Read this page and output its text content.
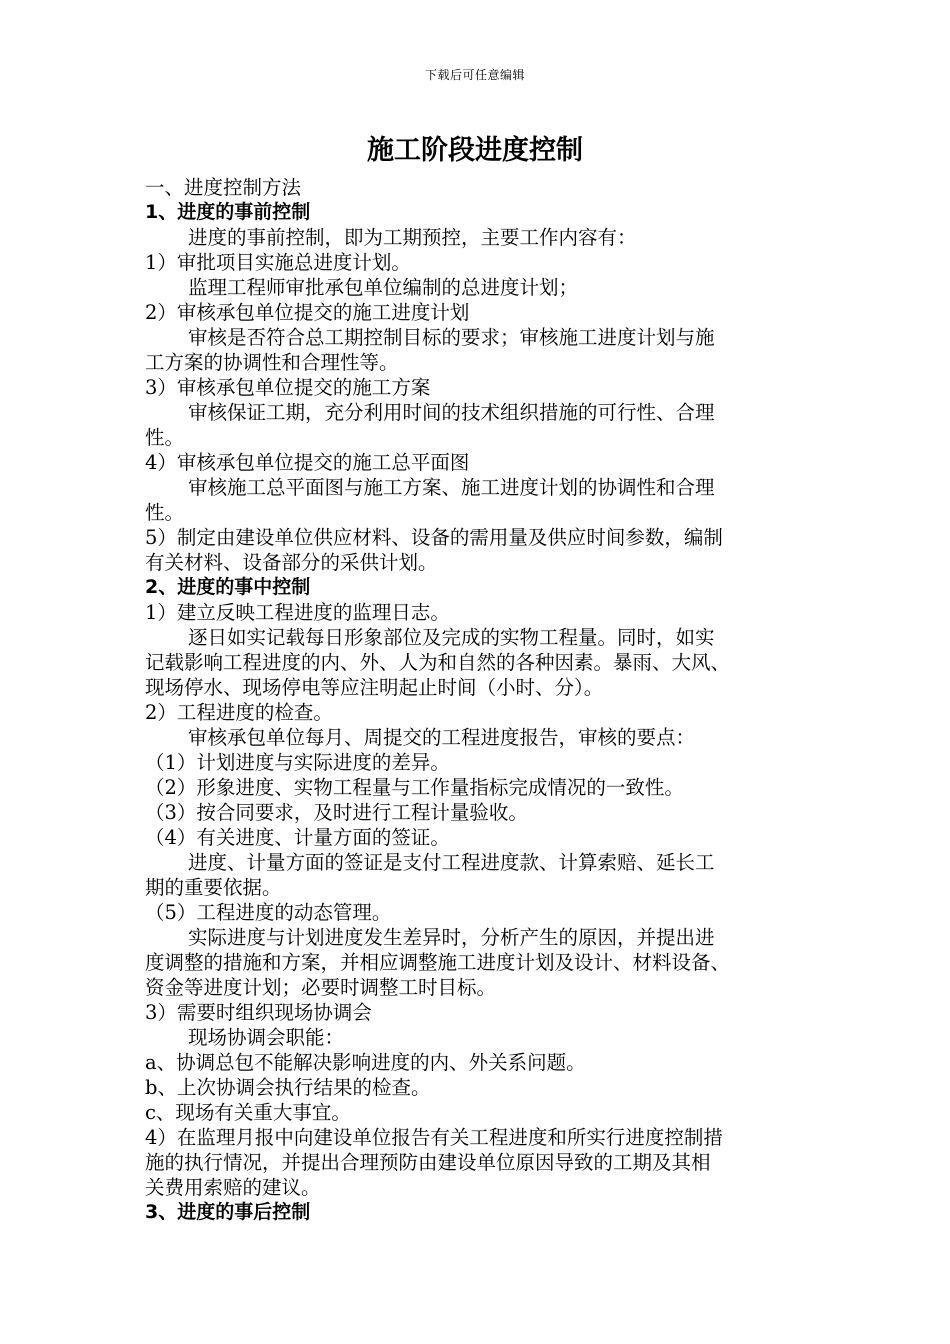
下载后可任意编辑
施工阶段进度控制
一、进度控制方法
1、进度的事前控制
进度的事前控制，即为工期预控，主要工作内容有：
1）审批项目实施总进度计划。
监理工程师审批承包单位编制的总进度计划；
2）审核承包单位提交的施工进度计划
审核是否符合总工期控制目标的要求；审核施工进度计划与施
工方案的协调性和合理性等。
3）审核承包单位提交的施工方案
审核保证工期，充分利用时间的技术组织措施的可行性、合理
性。
4）审核承包单位提交的施工总平面图
审核施工总平面图与施工方案、施工进度计划的协调性和合理
性。
5）制定由建设单位供应材料、设备的需用量及供应时间参数，编制
有关材料、设备部分的采供计划。
2、进度的事中控制
1）建立反映工程进度的监理日志。
逐日如实记载每日形象部位及完成的实物工程量。同时，如实
记载影响工程进度的内、外、人为和自然的各种因素。暴雨、大风、
现场停水、现场停电等应注明起止时间（小时、分）。
2）工程进度的检查。
审核承包单位每月、周提交的工程进度报告，审核的要点：
（1）计划进度与实际进度的差异。
（2）形象进度、实物工程量与工作量指标完成情况的一致性。
（3）按合同要求，及时进行工程计量验收。
（4）有关进度、计量方面的签证。
进度、计量方面的签证是支付工程进度款、计算索赔、延长工
期的重要依据。
（5）工程进度的动态管理。
实际进度与计划进度发生差异时，分析产生的原因，并提出进
度调整的措施和方案，并相应调整施工进度计划及设计、材料设备、
资金等进度计划；必要时调整工时目标。
3）需要时组织现场协调会
现场协调会职能：
a、协调总包不能解决影响进度的内、外关系问题。
b、上次协调会执行结果的检查。
c、现场有关重大事宜。
4）在监理月报中向建设单位报告有关工程进度和所实行进度控制措
施的执行情况，并提出合理预防由建设单位原因导致的工期及其相
关费用索赔的建议。
3、进度的事后控制
